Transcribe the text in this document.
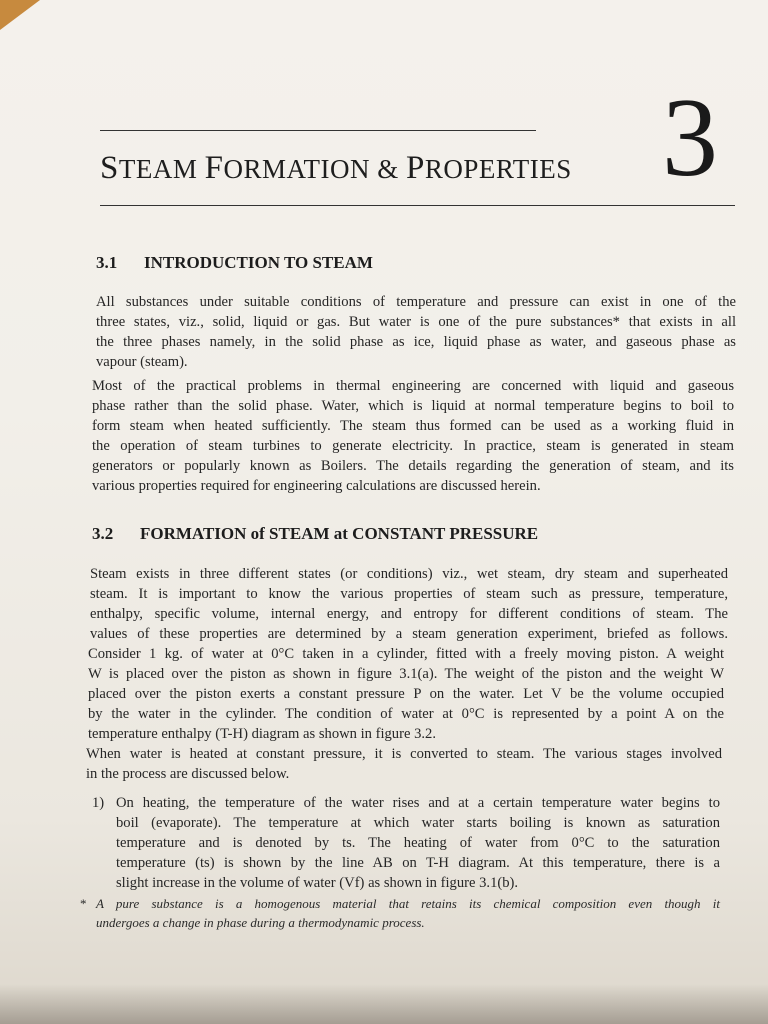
STEAM FORMATION & PROPERTIES 3
3.1 INTRODUCTION TO STEAM
All substances under suitable conditions of temperature and pressure can exist in one of the
three states, viz., solid, liquid or gas. But water is one of the pure substances* that exists in all
the three phases namely, in the solid phase as ice, liquid phase as water, and gaseous phase as
vapour (steam).
Most of the practical problems in thermal engineering are concerned with liquid and gaseous
phase rather than the solid phase. Water, which is liquid at normal temperature begins to boil to
form steam when heated sufficiently. The steam thus formed can be used as a working fluid in
the operation of steam turbines to generate electricity. In practice, steam is generated in steam
generators or popularly known as Boilers. The details regarding the generation of steam, and its
various properties required for engineering calculations are discussed herein.
3.2 FORMATION of STEAM at CONSTANT PRESSURE
Steam exists in three different states (or conditions) viz., wet steam, dry steam and superheated
steam. It is important to know the various properties of steam such as pressure, temperature,
enthalpy, specific volume, internal energy, and entropy for different conditions of steam. The
values of these properties are determined by a steam generation experiment, briefed as follows.
Consider 1 kg. of water at 0°C taken in a cylinder, fitted with a freely moving piston. A weight
W is placed over the piston as shown in figure 3.1(a). The weight of the piston and the weight W
placed over the piston exerts a constant pressure P on the water. Let V be the volume occupied
by the water in the cylinder. The condition of water at 0°C is represented by a point A on the
temperature enthalpy (T-H) diagram as shown in figure 3.2.
When water is heated at constant pressure, it is converted to steam. The various stages involved
in the process are discussed below.
1) On heating, the temperature of the water rises and at a certain temperature water begins to
boil (evaporate). The temperature at which water starts boiling is known as saturation
temperature and is denoted by ts. The heating of water from 0°C to the saturation
temperature (ts) is shown by the line AB on T-H diagram. At this temperature, there is a
slight increase in the volume of water (Vf) as shown in figure 3.1(b).
* A pure substance is a homogenous material that retains its chemical composition even though it
undergoes a change in phase during a thermodynamic process.
